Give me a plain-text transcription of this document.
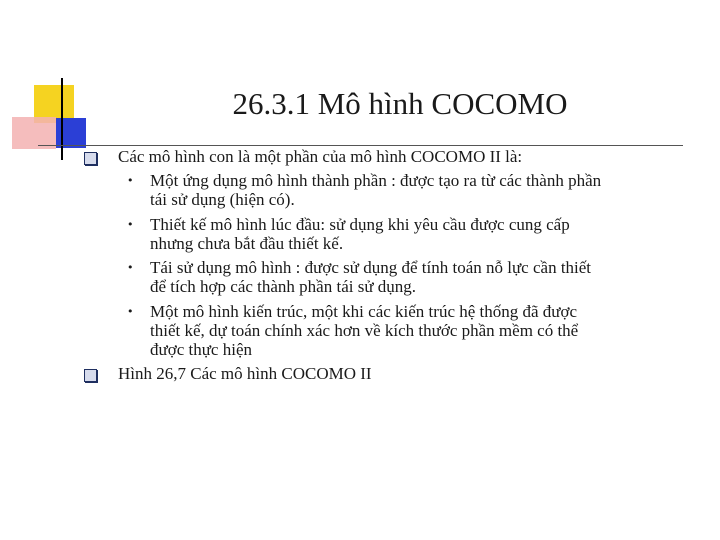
26.3.1 Mô hình COCOMO
Các mô hình con là một phần của mô hình COCOMO II là:
• Một ứng dụng mô hình thành phần : được tạo ra từ các thành phần
tái sử dụng (hiện có).
• Thiết kế mô hình lúc đầu: sử dụng khi yêu cầu được cung cấp
nhưng chưa bắt đầu thiết kế.
• Tái sử dụng mô hình : được sử dụng để tính toán nỗ lực cần thiết
để tích hợp các thành phần tái sử dụng.
• Một mô hình kiến trúc, một khi các kiến trúc hệ thống đã được
thiết kế, dự toán chính xác hơn về kích thước phần mềm có thể
được thực hiện
Hình 26,7 Các mô hình COCOMO II
